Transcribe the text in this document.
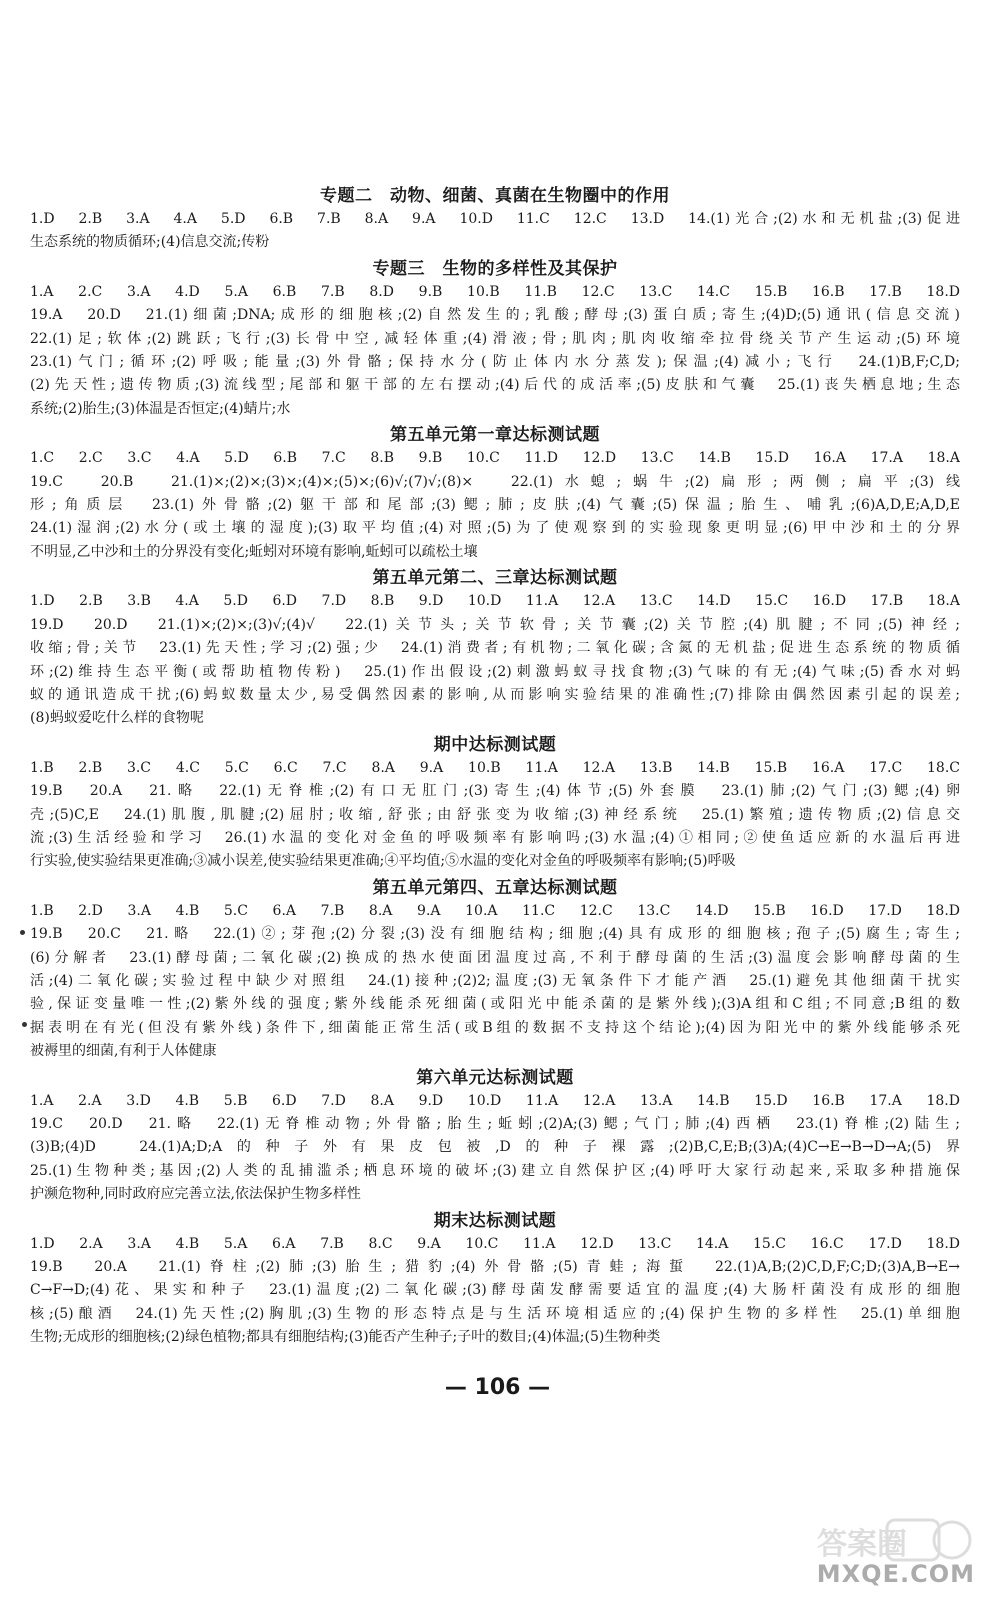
专题二　动物、细菌、真菌在生物圈中的作用
1.D　2.B　3.A　4.A　5.D　6.B　7.B　8.A　9.A　10.D　11.C　12.C　13.D　14.(1)光合;(2)水和无机盐;(3)促进
生态系统的物质循环;(4)信息交流;传粉
专题三　生物的多样性及其保护
1.A　2.C　3.A　4.D　5.A　6.B　7.B　8.D　9.B　10.B　11.B　12.C　13.C　14.C　15.B　16.B　17.B　18.D
19.A　20.D　21.(1)细菌;DNA;成形的细胞核;(2)自然发生的;乳酸;酵母;(3)蛋白质;寄生;(4)D;(5)通讯(信息交流)
22.(1)足;软体;(2)跳跃;飞行;(3)长骨中空,减轻体重;(4)滑液;骨;肌肉;肌肉收缩牵拉骨绕关节产生运动;(5)环境
23.(1)气门;循环;(2)呼吸;能量;(3)外骨骼;保持水分(防止体内水分蒸发);保温;(4)减小;飞行　24.(1)B,F;C,D;
(2)先天性;遗传物质;(3)流线型;尾部和躯干部的左右摆动;(4)后代的成活率;(5)皮肤和气囊　25.(1)丧失栖息地;生态
系统;(2)胎生;(3)体温是否恒定;(4)蜻片;水
第五单元第一章达标测试题
1.C　2.C　3.C　4.A　5.D　6.B　7.C　8.B　9.B　10.C　11.D　12.D　13.C　14.B　15.D　16.A　17.A　18.A
19.C　20.B　21.(1)×;(2)×;(3)×;(4)×;(5)×;(6)√;(7)√;(8)×　22.(1)水螅;蜗牛;(2)扁形;两侧;扁平;(3)线
形;角质层　23.(1)外骨骼;(2)躯干部和尾部;(3)鳃;肺;皮肤;(4)气囊;(5)保温;胎生、哺乳;(6)A,D,E;A,D,E
24.(1)湿润;(2)水分(或土壤的湿度);(3)取平均值;(4)对照;(5)为了使观察到的实验现象更明显;(6)甲中沙和土的分界
不明显,乙中沙和土的分界没有变化;蚯蚓对环境有影响,蚯蚓可以疏松土壤
第五单元第二、三章达标测试题
1.D　2.B　3.B　4.A　5.D　6.D　7.D　8.B　9.D　10.D　11.A　12.A　13.C　14.D　15.C　16.D　17.B　18.A
19.D　20.D　21.(1)×;(2)×;(3)√;(4)√　22.(1)关节头;关节软骨;关节囊;(2)关节腔;(4)肌腱;不同;(5)神经;
收缩;骨;关节　23.(1)先天性;学习;(2)强;少　24.(1)消费者;有机物;二氧化碳;含氮的无机盐;促进生态系统的物质循
环;(2)维持生态平衡(或帮助植物传粉)　25.(1)作出假设;(2)刺激蚂蚁寻找食物;(3)气味的有无;(4)气味;(5)香水对蚂
蚁的通讯造成干扰;(6)蚂蚁数量太少,易受偶然因素的影响,从而影响实验结果的准确性;(7)排除由偶然因素引起的误差;
(8)蚂蚁爱吃什么样的食物呢
期中达标测试题
1.B　2.B　3.C　4.C　5.C　6.C　7.C　8.A　9.A　10.B　11.A　12.A　13.B　14.B　15.B　16.A　17.C　18.C
19.B　20.A　21.略　22.(1)无脊椎;(2)有口无肛门;(3)寄生;(4)体节;(5)外套膜　23.(1)肺;(2)气门;(3)鳃;(4)卵
壳;(5)C,E　24.(1)肌腹,肌腱;(2)屈肘;收缩,舒张;由舒张变为收缩;(3)神经系统　25.(1)繁殖;遗传物质;(2)信息交
流;(3)生活经验和学习　26.(1)水温的变化对金鱼的呼吸频率有影响吗;(3)水温;(4)①相同;②使鱼适应新的水温后再进
行实验,使实验结果更准确;③减小误差,使实验结果更准确;④平均值;⑤水温的变化对金鱼的呼吸频率有影响;(5)呼吸
第五单元第四、五章达标测试题
1.B　2.D　3.A　4.B　5.C　6.A　7.B　8.A　9.A　10.A　11.C　12.C　13.C　14.D　15.B　16.D　17.D　18.D
19.B　20.C　21.略　22.(1)②;芽孢;(2)分裂;(3)没有细胞结构;细胞;(4)具有成形的细胞核;孢子;(5)腐生;寄生;
(6)分解者　23.(1)酵母菌;二氧化碳;(2)换成的热水使面团温度过高,不利于酵母菌的生活;(3)温度会影响酵母菌的生
活;(4)二氧化碳;实验过程中缺少对照组　24.(1)接种;(2)2;温度;(3)无氧条件下才能产酒　25.(1)避免其他细菌干扰实
验,保证变量唯一性;(2)紫外线的强度;紫外线能杀死细菌(或阳光中能杀菌的是紫外线);(3)A组和C组;不同意;B组的数
据表明在有光(但没有紫外线)条件下,细菌能正常生活(或B组的数据不支持这个结论);(4)因为阳光中的紫外线能够杀死
被褥里的细菌,有利于人体健康
第六单元达标测试题
1.A　2.A　3.D　4.B　5.B　6.D　7.D　8.A　9.D　10.D　11.A　12.A　13.A　14.B　15.D　16.B　17.A　18.D
19.C　20.D　21.略　22.(1)无脊椎动物;外骨骼;胎生;蚯蚓;(2)A;(3)鳃;气门;肺;(4)西栖　23.(1)脊椎;(2)陆生;
(3)B;(4)D　24.(1)A;D;A的种子外有果皮包被,D的种子裸露;(2)B,C,E;B;(3)A;(4)C→E→B→D→A;(5)界
25.(1)生物种类;基因;(2)人类的乱捕滥杀;栖息环境的破坏;(3)建立自然保护区;(4)呼吁大家行动起来,采取多种措施保
护濒危物种,同时政府应完善立法,依法保护生物多样性
期末达标测试题
1.D　2.A　3.A　4.B　5.A　6.A　7.B　8.C　9.A　10.C　11.A　12.D　13.C　14.A　15.C　16.C　17.D　18.D
19.B　20.A　21.(1)脊柱;(2)肺;(3)胎生;猎豹;(4)外骨骼;(5)青蛙;海蜇　22.(1)A,B;(2)C,D,F;C;D;(3)A,B→E→
C→F→D;(4)花、果实和种子　23.(1)温度;(2)二氧化碳;(3)酵母菌发酵需要适宜的温度;(4)大肠杆菌没有成形的细胞
核;(5)酿酒　24.(1)先天性;(2)胸肌;(3)生物的形态特点是与生活环境相适应的;(4)保护生物的多样性　25.(1)单细胞
生物;无成形的细胞核;(2)绿色植物;都具有细胞结构;(3)能否产生种子;子叶的数目;(4)体温;(5)生物种类
— 106 —
答案圈
MXQE.COM
